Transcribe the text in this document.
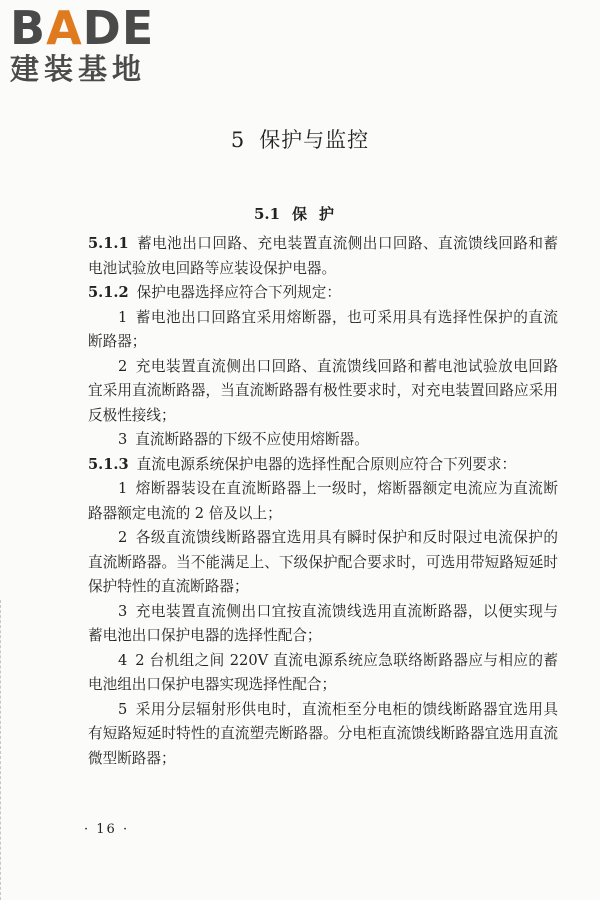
BADE
建装基地
5 保护与监控
5.1 保护

5.1.1 蓄电池出口回路、充电装置直流侧出口回路、直流馈线回路和蓄电池试验放电回路等应装设保护电器。

5.1.2 保护电器选择应符合下列规定：

1 蓄电池出口回路宜采用熔断器，也可采用具有选择性保护的直流断路器；

2 充电装置直流侧出口回路、直流馈线回路和蓄电池试验放电回路宜采用直流断路器，当直流断路器有极性要求时，对充电装置回路应采用反极性接线；

3 直流断路器的下级不应使用熔断器。

5.1.3 直流电源系统保护电器的选择性配合原则应符合下列要求：

1 熔断器装设在直流断路器上一级时，熔断器额定电流应为直流断路器额定电流的 2 倍及以上；

2 各级直流馈线断路器宜选用具有瞬时保护和反时限过电流保护的直流断路器。当不能满足上、下级保护配合要求时，可选用带短路短延时保护特性的直流断路器；

3 充电装置直流侧出口宜按直流馈线选用直流断路器，以便实现与蓄电池出口保护电器的选择性配合；

4 2 台机组之间 220V 直流电源系统应急联络断路器应与相应的蓄电池组出口保护电器实现选择性配合；

5 采用分层辐射形供电时，直流柜至分电柜的馈线断路器宜选用具有短路短延时特性的直流塑壳断路器。分电柜直流馈线断路器宜选用直流微型断路器；

· 16 ·
